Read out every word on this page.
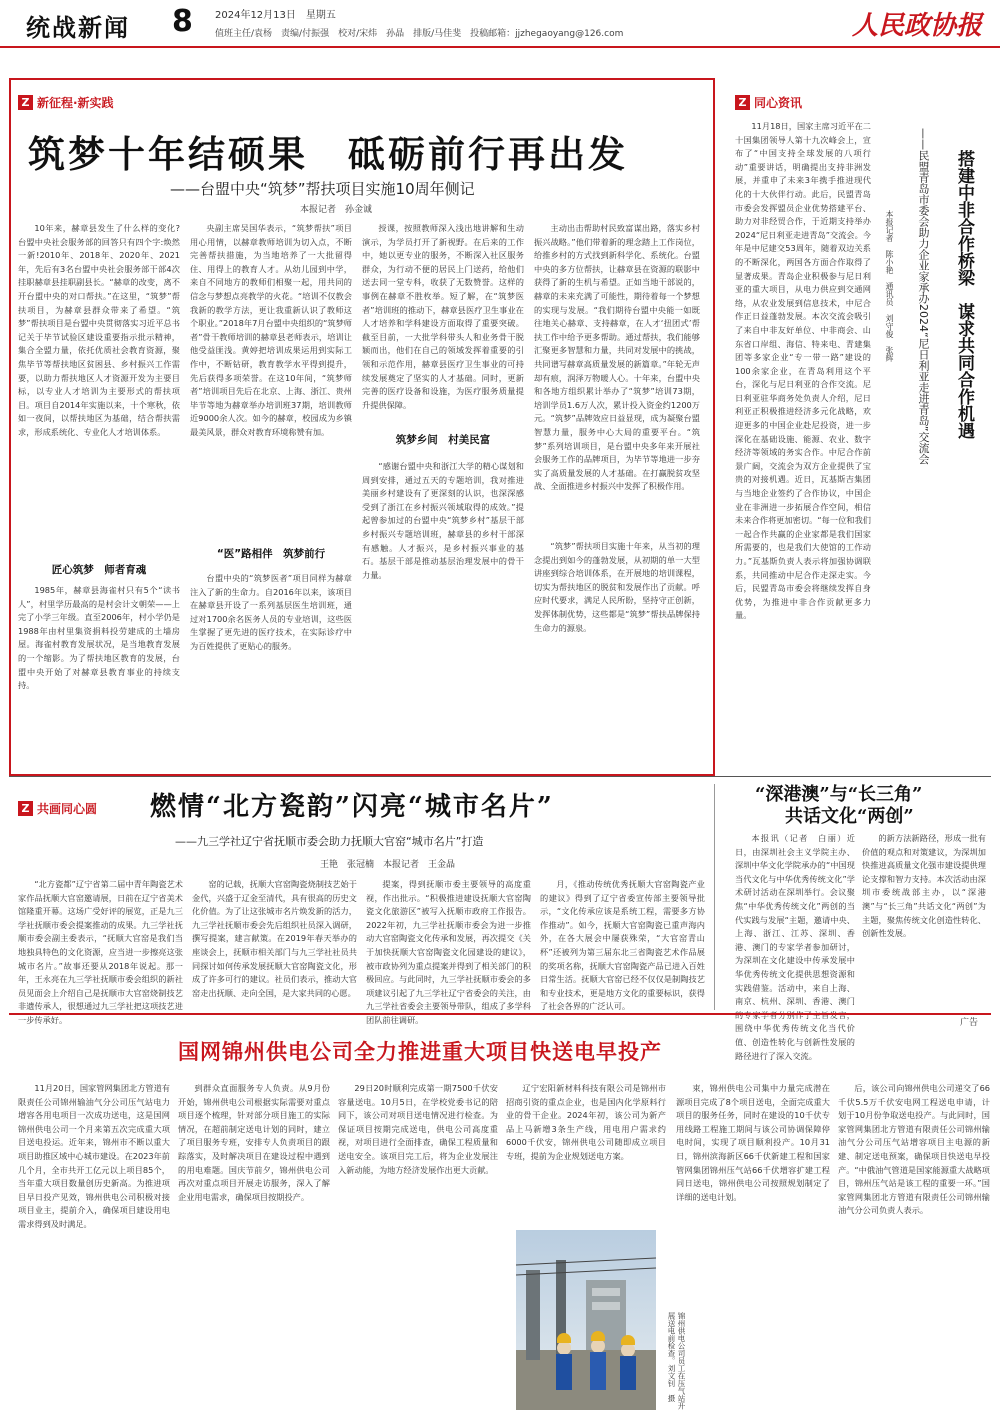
统战新闻 8 2024年12月13日　星期五
值班主任/袁杨　责编/付振强　校对/宋炜　孙晶　排版/马佳斐　投稿邮箱：jjzhegaoyang@126.com	人民政协报
Z 新征程·新实践
筑梦十年结硕果　砥砺前行再出发
——台盟中央“筑梦”帮扶项目实施10周年侧记
本报记者　孙金诚

10年来，赫章县发生了什么样的变化?台盟中央社会服务部的回答只有四个字:焕然一新!2010年、2018年、2020年、2021年，先后有3名台盟中央社会服务部干部4次挂职赫章县挂职副县长。“赫章的改变，离不开台盟中央的对口帮扶。”在这里，“筑梦”帮扶项目，为赫章县群众带来了希望。“筑梦”帮扶项目是台盟中央贯彻落实习近平总书记关于毕节试验区建设重要指示批示精神，集合全盟力量，依托优质社会教育资源，聚焦毕节等帮扶地区贫困县、乡村振兴工作需要，以助力帮扶地区人才资源开发为主要目标，以专业人才培训为主要形式的帮扶项目。项目自2014年实施以来，十个寒秋，依如一夜间，以帮扶地区为基础，结合帮扶需求，形成系统化、专业化人才培训体系。

匠心筑梦　师者育魂

1985年，赫章县海雀村只有5个“读书人”，村里学历最高的是村会计文朝荣——上完了小学三年级。直至2006年，村小学仍是1988年由村里集资捐料投劳建成的土墙房屋。海雀村教育发展状况，是当地教育发展的一个缩影。为了帮扶地区教育的发展，台盟中央开始了对赫章县教育事业的持续支持。

央副主席吴国华表示，“筑梦帮扶”项目用心用情，以赫章教师培训为切入点，不断完善帮扶措施，为当地培养了一大批留得住、用得上的教育人才。从幼儿园到中学，来自不同地方的教师们相聚一起，用共同的信念与梦想点亮教学的火花。“培训不仅教会我新的教学方法，更让我重新认识了教师这个职业。”2018年7月台盟中央组织的“筑梦师者”骨干教师培训的赫章县老师表示，培训让他受益匪浅。黄婷把培训成果运用到实际工作中，不断钻研，教育教学水平得到提升，先后获得多项荣誉。在这10年间，“筑梦师者”培训项目先后在北京、上海、浙江、贵州毕节等地为赫章举办培训班37期，培训教师近9000余人次。如今的赫章，校园成为乡镇最美风景，群众对教育环境称赞有加。

“医”路相伴　筑梦前行

台盟中央的“筑梦医者”项目同样为赫章注入了新的生命力。自2016年以来，该项目在赫章县开设了一系列基层医生培训班，通过对1700余名医务人员的专业培训，这些医生掌握了更先进的医疗技术，在实际诊疗中为百姓提供了更贴心的服务。

授课，按照教师深入浅出地讲解和生动演示，为学员打开了新视野。在后来的工作中，她以更专业的服务，不断深入社区服务群众，为行动不便的居民上门送药，给他们送去同一堂专科，收获了无数赞誉。这样的事例在赫章不胜枚举。短了解，在“筑梦医者”培训班的推动下，赫章县医疗卫生事业在人才培养和学科建设方面取得了重要突破。截至目前，一大批学科带头人和业务骨干脱颖而出，他们在自己的领域发挥着重要的引领和示范作用，赫章县医疗卫生事业的可持续发展奠定了坚实的人才基础。同时，更新完善的医疗设备和设施，为医疗服务质量提升提供保障。

筑梦乡间　村美民富

“感谢台盟中央和浙江大学的精心谋划和周到安排，通过五天的专题培训，我对推进美丽乡村建设有了更深刻的认识，也深深感受到了浙江在乡村振兴领域取得的成效。”提起曾参加过的台盟中央“筑梦乡村”基层干部乡村振兴专题培训班，赫章县的乡村干部深有感触。人才振兴，是乡村振兴事业的基石。基层干部是推动基层治理发展中的骨干力量。

主动出击帮助村民致富谋出路，落实乡村振兴战略。”他们带着新的理念踏上工作岗位，给推乡村的方式找到新科学化、系统化。台盟中央的多方位帮扶，让赫章县在资源的联影中获得了新的生机与希望。正如当地干部说的，赫章的未来充满了可能性，期待着每一个梦想的实现与发展。“我们期待台盟中央能一如既往地关心赫章、支持赫章，在人才‘扭团式’帮扶工作中给予更多帮助。通过帮扶，我们能够汇聚更多智慧和力量，共同对发展中的挑战，共同谱写赫章高质量发展的新篇章。”年轮无声却有痕，润泽万物暖人心。十年来，台盟中央和各地方组织累计举办了“筑梦”培训73期，培训学员1.6万人次，累计投入资金约1200万元。“筑梦”品牌效应日益显现，成为凝聚台盟智慧力量，服务中心大局的重要平台。“筑梦”系列培训项目，是台盟中央多年来开展社会服务工作的品牌项目，为毕节等地进一步夯实了高质量发展的人才基础。在打赢脱贫攻坚战、全面推进乡村振兴中发挥了积极作用。

“筑梦”帮扶项目实施十年来，从当初的理念提出到如今的蓬勃发展，从初期的单一大型讲座到综合培训体系，在开展地的培训课程，切实为帮扶地区的脱贫和发展作出了贡献。呼应时代要求，满足人民所盼，坚持守正创新，发挥体制优势，这些都是“筑梦”帮扶品牌保持生命力的源泉。

Z 同心资讯

11月18日，国家主席习近平在二十国集团领导人第十九次峰会上，宣布了“中国支持全球发展的八项行动”重要讲话，明确提出支持非洲发展，并重申了未来3年携手推进现代化的十大伙伴行动。此后，民盟青岛市委会发挥盟员企业优势搭建平台、助力对非经贸合作，于近期支持举办2024“尼日利亚走进青岛”交流会。今年是中尼建交53周年，随着双边关系的不断深化，两国各方面合作取得了显著成果。青岛企业积极参与尼日利亚的重大项目，从电力供应到交通网络，从农业发展到信息技术，中尼合作正日益蓬勃发展。本次交流会吸引了来自中非友好单位、中非商会、山东省口岸组、海信、特来电、青建集团等多家企业“专一带一路”建设的100余家企业，在青岛利用这个平台，深化与尼日利亚的合作交流。尼日利亚驻华商务处负责人介绍，尼日利亚正积极推进经济多元化战略，欢迎更多的中国企业赴尼投资，进一步深化在基础设施、能源、农业、数字经济等领域的务实合作。中尼合作前景广阔，交流会为双方企业提供了宝贵的对接机遇。近日，瓦基斯吉集团与当地企业签约了合作协议，中国企业在非洲进一步拓展合作空间，相信未来合作将更加密切。“每一位和我们一起合作共赢的企业家都是我们国家所需要的，也是我们大使馆的工作动力。”瓦基斯负责人表示将加强协调联系，共同推动中尼合作走深走实。今后，民盟青岛市委会将继续发挥自身优势，为推进中非合作贡献更多力量。

本报记者　陈小艳　通讯员　刘守俊　张辉	——民盟青岛市委会助力企业家承办2024“尼日利亚走进青岛”交流会	搭建中非合作桥梁　谋求共同合作机遇
Z 共画同心圆 燃情“北方瓷韵”闪亮“城市名片”
——九三学社辽宁省抚顺市委会助力抚顺大官窑“城市名片”打造
王艳　张冠楠　本报记者　王金晶

“北方瓷都”辽宁省第二届中青年陶瓷艺术家作品抚顺大官窑邀请展，日前在辽宁省美术馆隆重开幕。这场广受好评的展览，正是九三学社抚顺市委会提案推动的成果。九三学社抚顺市委会副主委表示，“抚顺大官窑是我们当地独具特色的文化资源，应当进一步擦亮这张城市名片。”故事还要从2018年说起。那一年，王永亮在九三学社抚顺市委会组织的新社员见面会上介绍自己是抚顺市大官窑烧制技艺非遗传承人，很想通过九三学社把这项技艺进一步传承好。

窑的记载，抚顺大官窑陶瓷烧制技艺始于金代，兴盛于辽金至清代，具有很高的历史文化价值。为了让这张城市名片焕发新的活力，九三学社抚顺市委会先后组织社员深入调研，撰写提案，建言献策。在2019年春天举办的座谈会上，抚顺市相关部门与九三学社社员共同探讨如何传承发展抚顺大官窑陶瓷文化，形成了许多可行的建议。社员们表示，推动大官窑走出抚顺、走向全国，是大家共同的心愿。

提案，得到抚顺市委主要领导的高度重视，作出批示。“积极推进建设抚顺大官窑陶瓷文化旅游区”被写入抚顺市政府工作报告。2022年初，九三学社抚顺市委会为进一步推动大官窑陶瓷文化传承和发展，再次提交《关于加快抚顺大官窑陶瓷文化园建设的建议》，被市政协列为重点提案并得到了相关部门的积极回应。与此同时，九三学社抚顺市委会的多项建议引起了九三学社辽宁省委会的关注，由九三学社省委会主要领导带队，组成了多学科团队前往调研。

月，《推动传统优秀抚顺大官窑陶瓷产业的建议》得到了辽宁省委宣传部主要领导批示，“文化传承应该是系统工程，需要多方协作推动”。如今，抚顺大官窑陶瓷已重声海内外，在各大展会中屡获殊荣，“大官窑青山杯”还被列为第三届东北三省陶瓷艺术作品展的奖项名称，抚顺大官窑陶瓷产品已进入百姓日常生活。抚顺大官窑已经不仅仅是制陶技艺和专业技术，更是地方文化的重要标识，获得了社会各界的广泛认可。

“深港澳”与“长三角”
共话文化“两创”

本报讯（记者　白丽）近日，由深圳社会主义学院主办、深圳中华文化学院承办的“中国现当代文化与中华优秀传统文化”学术研讨活动在深圳举行。会议聚焦“中华优秀传统文化”两创的当代实践与发展“主题，邀请中央、上海、浙江、江苏、深圳、香港、澳门的专家学者参加研讨，为深圳在文化建设中传承发展中华优秀传统文化提供思想资源和实践借鉴。活动中，来自上海、南京、杭州、深圳、香港、澳门 围绕中华优秀传统文化当代价值、创造性转化与创新性发展的路径进行了深入交流。

的新方法新路径，形成一批有价值的观点和对策建议，为深圳加快推进高质量文化强市建设提供理论支撑和智力支持。本次活动由深圳市委统战部主办，以“深港澳”与“长三角”共话文化“两创”为主题，聚焦传统文化创造性转化、创新性发展。

广告
国网锦州供电公司全力推进重大项目快送电早投产

11月20日，国家管网集团北方管道有限责任公司锦州输油气分公司压气站电力增容各用电项目一次成功送电，这是国网锦州供电公司一个月来第五次完成重大项目送电投运。近年来，锦州市不断以重大项目助推区域中心城市建设。在2023年前几个月，全市共开工亿元以上项目85个，当年重大项目数量创历史新高。为推进项目早日投产见效，锦州供电公司积极对接项目业主，提前介入，确保项目建设用电需求得到及时满足。

到群众直面服务专人负责。从9月份开始，锦州供电公司根据实际需要对重点项目逐个梳理，针对部分项目施工的实际情况，在超前制定送电计划的同时，建立了项目服务专班，安排专人负责项目的跟踪落实，及时解决项目在建设过程中遇到的用电难题。国庆节前夕，锦州供电公司再次对重点项目开展走访服务，深入了解企业用电需求，确保项目按期投产。

29日20时顺利完成第一期7500千伏安容量送电。10月5日，在学校党委书记的陪同下，该公司对项目送电情况进行检查。为保证项目按期完成送电，供电公司高度重视，对项目进行全面排查，确保工程质量和送电安全。该项目完工后，将为企业发展注入新动能，为地方经济发展作出更大贡献。

辽宁宏阳新材料科技有限公司是锦州市招商引资的重点企业，也是国内化学原料行业的骨干企业。2024年初，该公司为新产品上马新增3条生产线，用电用户需求约6000千伏安，锦州供电公司随即成立项目专班，提前为企业规划送电方案。

束，锦州供电公司集中力量完成潜在源项目完成了8个项目送电，全面完成重大项目的服务任务，同时在建设的10千伏专用线路工程施工期间与该公司协调保障停电时间，实现了项目顺利投产。10月31日，锦州滨海新区66千伏新建工程和国家管网集团锦州压气站66千伏增容扩建工程同日送电，锦州供电公司按照规划制定了详细的送电计划。

后，该公司向锦州供电公司递交了66千伏5.5万千伏安电网工程送电申请，计划于10月份争取送电投产。与此同时，国家管网集团北方管道有限责任公司锦州输油气分公司压气站增容项目主电源的新建、制定送电预案，确保项目快送电早投产。“中俄油气管道是国家能源重大战略项目，锦州压气站是该工程的重要一环。”国家管网集团北方管道有限责任公司锦州输油气分公司负责人表示。

锦州供电公司员工在压气站开展送电前检查。刘文钊　摄
